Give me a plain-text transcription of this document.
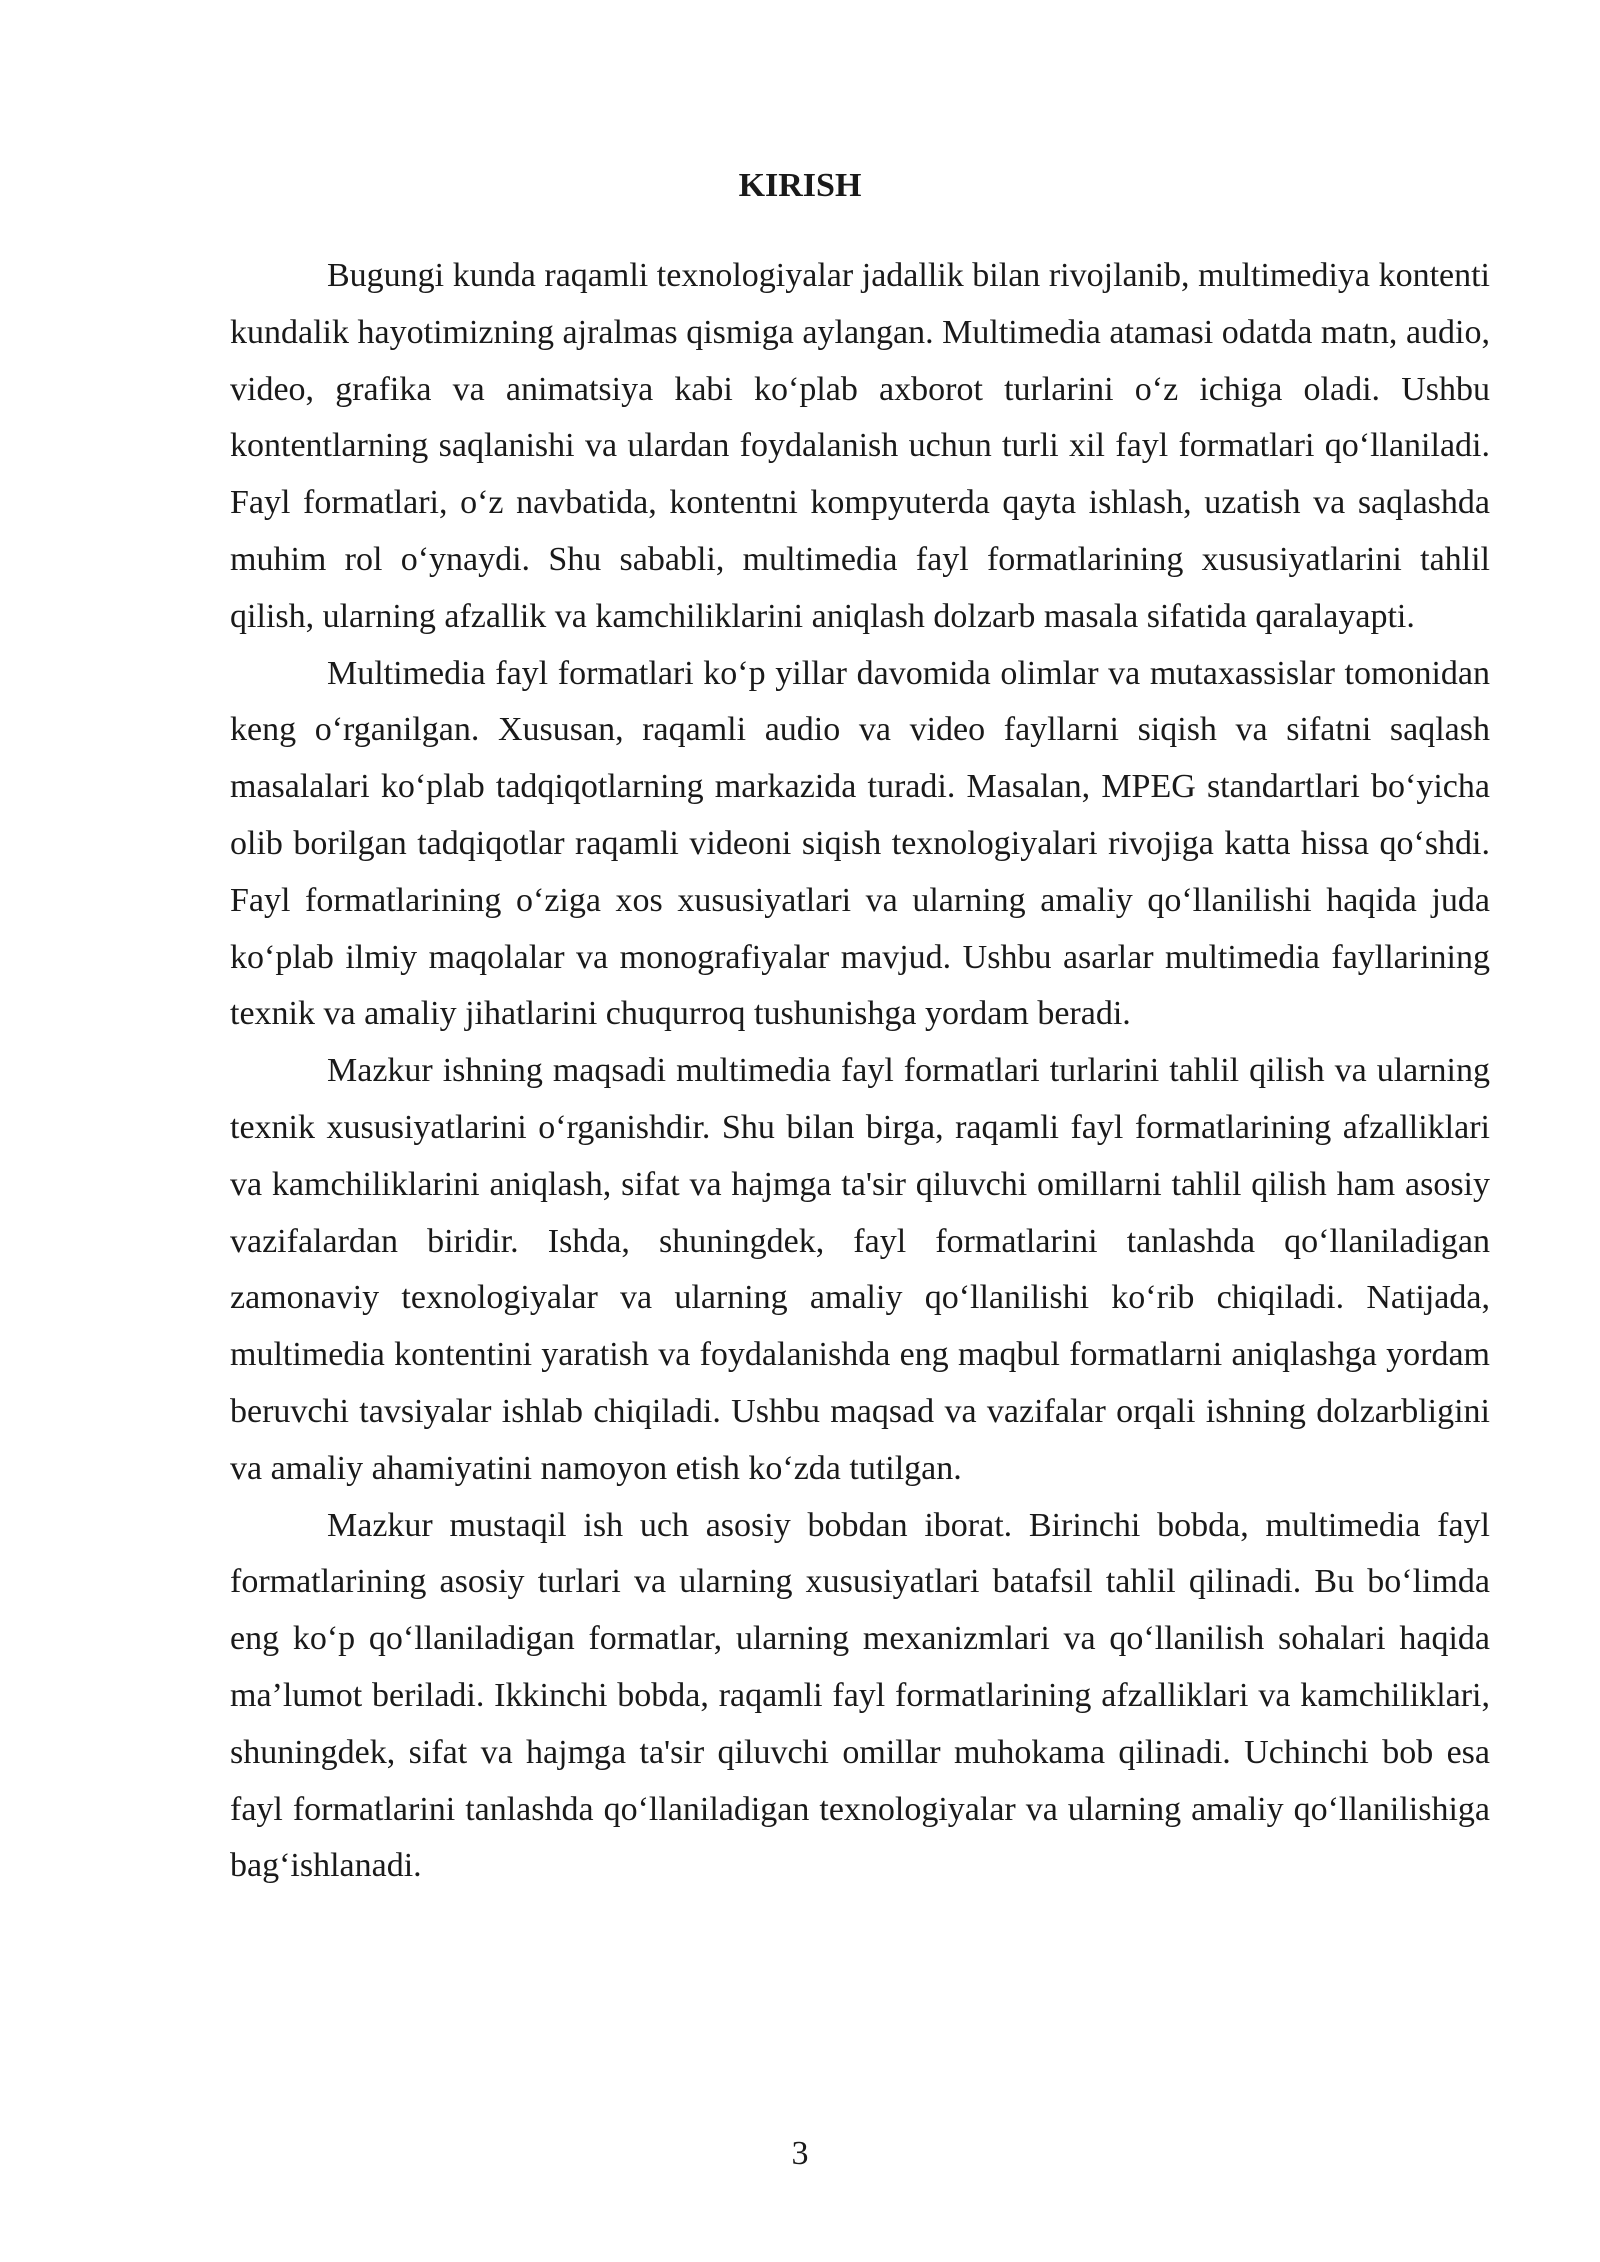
KIRISH

Bugungi kunda raqamli texnologiyalar jadallik bilan rivojlanib, multimediya kontenti kundalik hayotimizning ajralmas qismiga aylangan. Multimedia atamasi odatda matn, audio, video, grafika va animatsiya kabi ko‘plab axborot turlarini o‘z ichiga oladi. Ushbu kontentlarning saqlanishi va ulardan foydalanish uchun turli xil fayl formatlari qo‘llaniladi. Fayl formatlari, o‘z navbatida, kontentni kompyuterda qayta ishlash, uzatish va saqlashda muhim rol o‘ynaydi. Shu sababli, multimedia fayl formatlarining xususiyatlarini tahlil qilish, ularning afzallik va kamchiliklarini aniqlash dolzarb masala sifatida qaralayapti.

Multimedia fayl formatlari ko‘p yillar davomida olimlar va mutaxassislar tomonidan keng o‘rganilgan. Xususan, raqamli audio va video fayllarni siqish va sifatni saqlash masalalari ko‘plab tadqiqotlarning markazida turadi. Masalan, MPEG standartlari bo‘yicha olib borilgan tadqiqotlar raqamli videoni siqish texnologiyalari rivojiga katta hissa qo‘shdi. Fayl formatlarining o‘ziga xos xususiyatlari va ularning amaliy qo‘llanilishi haqida juda ko‘plab ilmiy maqolalar va monografiyalar mavjud. Ushbu asarlar multimedia fayllarining texnik va amaliy jihatlarini chuqurroq tushunishga yordam beradi.

Mazkur ishning maqsadi multimedia fayl formatlari turlarini tahlil qilish va ularning texnik xususiyatlarini o‘rganishdir. Shu bilan birga, raqamli fayl formatlarining afzalliklari va kamchiliklarini aniqlash, sifat va hajmga ta'sir qiluvchi omillarni tahlil qilish ham asosiy vazifalardan biridir. Ishda, shuningdek, fayl formatlarini tanlashda qo‘llaniladigan zamonaviy texnologiyalar va ularning amaliy qo‘llanilishi ko‘rib chiqiladi. Natijada, multimedia kontentini yaratish va foydalanishda eng maqbul formatlarni aniqlashga yordam beruvchi tavsiyalar ishlab chiqiladi. Ushbu maqsad va vazifalar orqali ishning dolzarbligini va amaliy ahamiyatini namoyon etish ko‘zda tutilgan.

Mazkur mustaqil ish uch asosiy bobdan iborat. Birinchi bobda, multimedia fayl formatlarining asosiy turlari va ularning xususiyatlari batafsil tahlil qilinadi. Bu bo‘limda eng ko‘p qo‘llaniladigan formatlar, ularning mexanizmlari va qo‘llanilish sohalari haqida ma’lumot beriladi. Ikkinchi bobda, raqamli fayl formatlarining afzalliklari va kamchiliklari, shuningdek, sifat va hajmga ta'sir qiluvchi omillar muhokama qilinadi. Uchinchi bob esa fayl formatlarini tanlashda qo‘llaniladigan texnologiyalar va ularning amaliy qo‘llanilishiga bag‘ishlanadi.

3
